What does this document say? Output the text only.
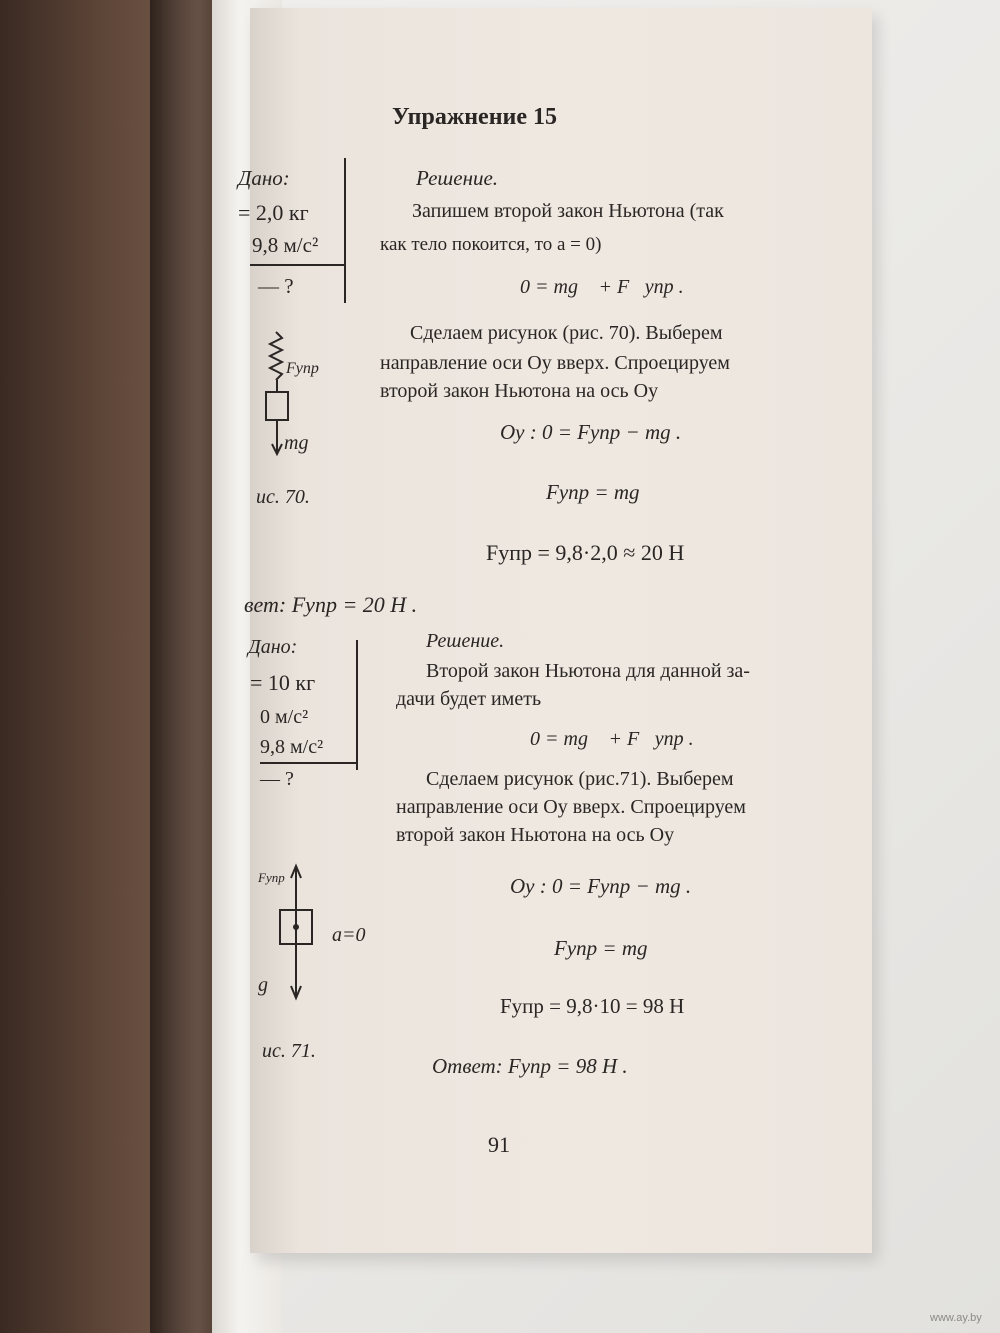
Упражнение 15
Дано:
= 2,0 кг
9,8 м/с²
— ?
Решение.
Запишем второй закон Ньютона (так
как тело покоится, то a = 0)
0 = mg⃗ + F⃗упр .
Сделаем рисунок (рис. 70). Выберем
направление оси Oy вверх. Спроецируем
второй закон Ньютона на ось Oy
Oy : 0 = Fупр − mg .
Fупр = mg
Fупр = 9,8·2,0 ≈ 20 H
Fупр
mg
ис. 70.
вет: Fупр = 20 H .
Дано:
= 10 кг
0 м/с²
9,8 м/с²
— ?
Решение.
Второй закон Ньютона для данной за-
дачи будет иметь
0 = mg⃗ + F⃗упр .
Сделаем рисунок (рис.71). Выберем
направление оси Oy вверх. Спроецируем
второй закон Ньютона на ось Oy
Oy : 0 = Fупр − mg .
Fупр = mg
Fупр = 9,8·10 = 98 H
Ответ: Fупр = 98 H .
Fупр
a=0
g
ис. 71.
91
www.ay.by
